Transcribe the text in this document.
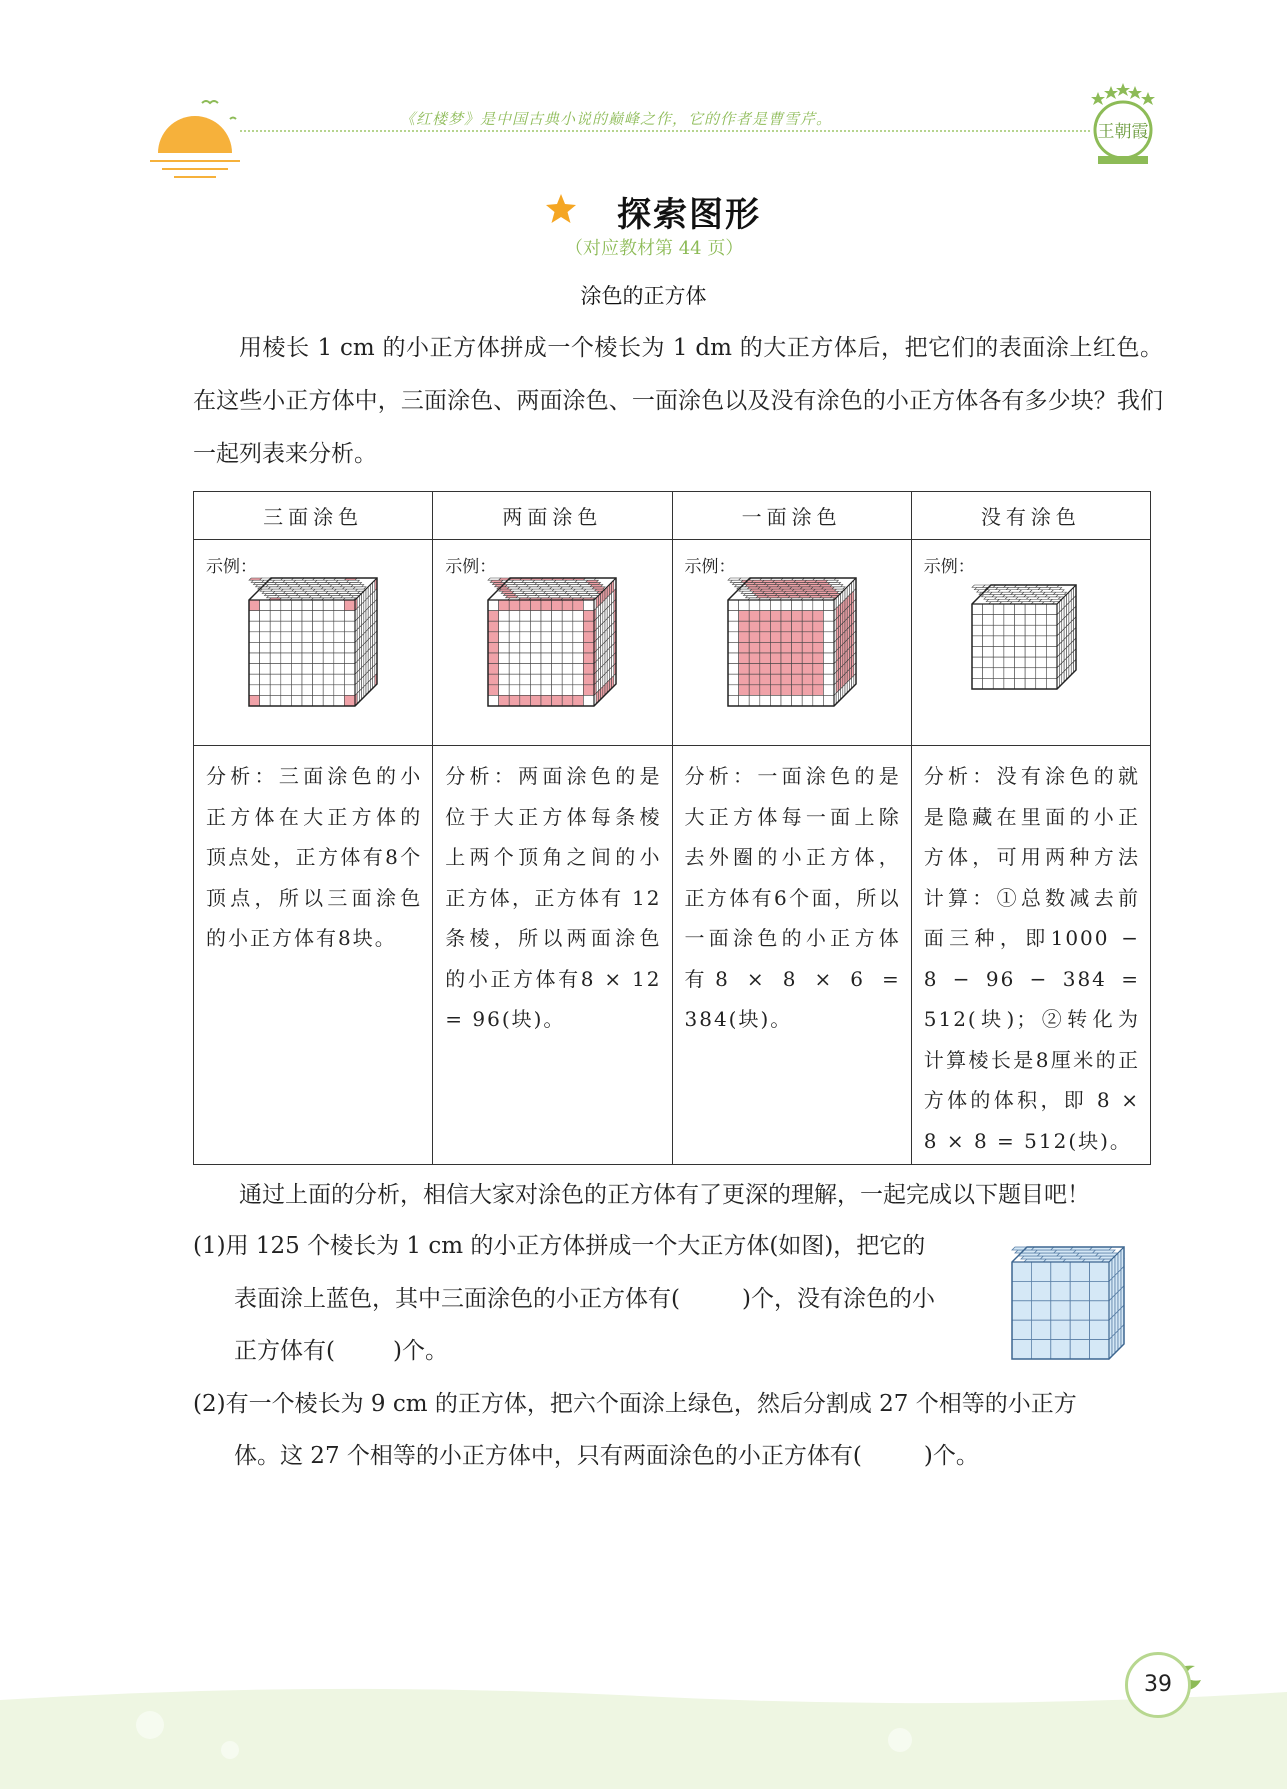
《红楼梦》是中国古典小说的巅峰之作，它的作者是曹雪芹。
王朝霞
探索图形
（对应教材第 44 页）
涂色的正方体

用棱长 1 cm 的小正方体拼成一个棱长为 1 dm 的大正方体后，把它们的表面涂上红色。在这些小正方体中，三面涂色、两面涂色、一面涂色以及没有涂色的小正方体各有多少块？我们一起列表来分析。

三面涂色	两面涂色	一面涂色	没有涂色

示例：	示例：	示例：	示例：

分析：三面涂色的小正方体在大正方体的顶点处，正方体有8个顶点，所以三面涂色的小正方体有8块。	分析：两面涂色的是位于大正方体每条棱上两个顶角之间的小正方体，正方体有 12 条棱，所以两面涂色的小正方体有8 × 12 = 96(块)。	分析：一面涂色的是大正方体每一面上除去外圈的小正方体，正方体有6个面，所以一面涂色的小正方体有8 × 8 × 6 = 384(块)。	分析：没有涂色的就是隐藏在里面的小正方体，可用两种方法计算：①总数减去前面三种，即1000 − 8 − 96 − 384 = 512(块)；②转化为计算棱长是8厘米的正方体的体积，即 8 × 8 × 8 = 512(块)。
通过上面的分析，相信大家对涂色的正方体有了更深的理解，一起完成以下题目吧！
(1)用 125 个棱长为 1 cm 的小正方体拼成一个大正方体(如图)，把它的
表面涂上蓝色，其中三面涂色的小正方体有(	)个，没有涂色的小
正方体有(	)个。
(2)有一个棱长为 9 cm 的正方体，把六个面涂上绿色，然后分割成 27 个相等的小正方
体。这 27 个相等的小正方体中，只有两面涂色的小正方体有(	)个。
39
